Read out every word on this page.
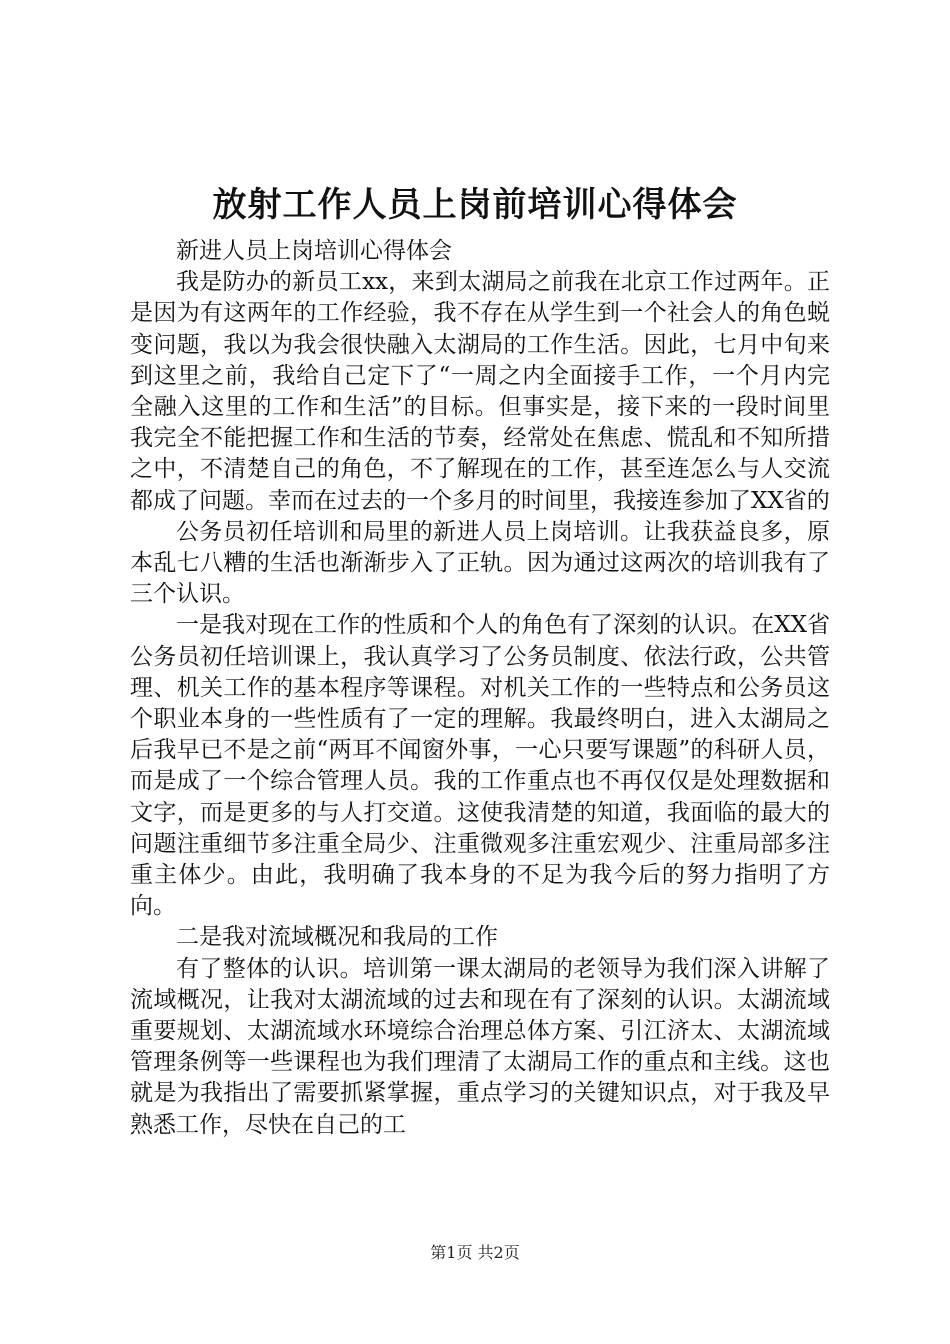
放射工作人员上岗前培训心得体会

新进人员上岗培训心得体会

我是防办的新员工xx，来到太湖局之前我在北京工作过两年。正是因为有这两年的工作经验，我不存在从学生到一个社会人的角色蜕变问题，我以为我会很快融入太湖局的工作生活。因此，七月中旬来到这里之前，我给自己定下了“一周之内全面接手工作，一个月内完全融入这里的工作和生活”的目标。但事实是，接下来的一段时间里我完全不能把握工作和生活的节奏，经常处在焦虑、慌乱和不知所措之中，不清楚自己的角色，不了解现在的工作，甚至连怎么与人交流都成了问题。幸而在过去的一个多月的时间里，我接连参加了XX省的

公务员初任培训和局里的新进人员上岗培训。让我获益良多，原本乱七八糟的生活也渐渐步入了正轨。因为通过这两次的培训我有了三个认识。

一是我对现在工作的性质和个人的角色有了深刻的认识。在XX省公务员初任培训课上，我认真学习了公务员制度、依法行政，公共管理、机关工作的基本程序等课程。对机关工作的一些特点和公务员这个职业本身的一些性质有了一定的理解。我最终明白，进入太湖局之后我早已不是之前“两耳不闻窗外事，一心只要写课题”的科研人员，而是成了一个综合管理人员。我的工作重点也不再仅仅是处理数据和文字，而是更多的与人打交道。这使我清楚的知道，我面临的最大的问题注重细节多注重全局少、注重微观多注重宏观少、注重局部多注重主体少。由此，我明确了我本身的不足为我今后的努力指明了方向。

二是我对流域概况和我局的工作

有了整体的认识。培训第一课太湖局的老领导为我们深入讲解了流域概况，让我对太湖流域的过去和现在有了深刻的认识。太湖流域重要规划、太湖流域水环境综合治理总体方案、引江济太、太湖流域管理条例等一些课程也为我们理清了太湖局工作的重点和主线。这也就是为我指出了需要抓紧掌握，重点学习的关键知识点，对于我及早熟悉工作，尽快在自己的工

第1页 共2页
